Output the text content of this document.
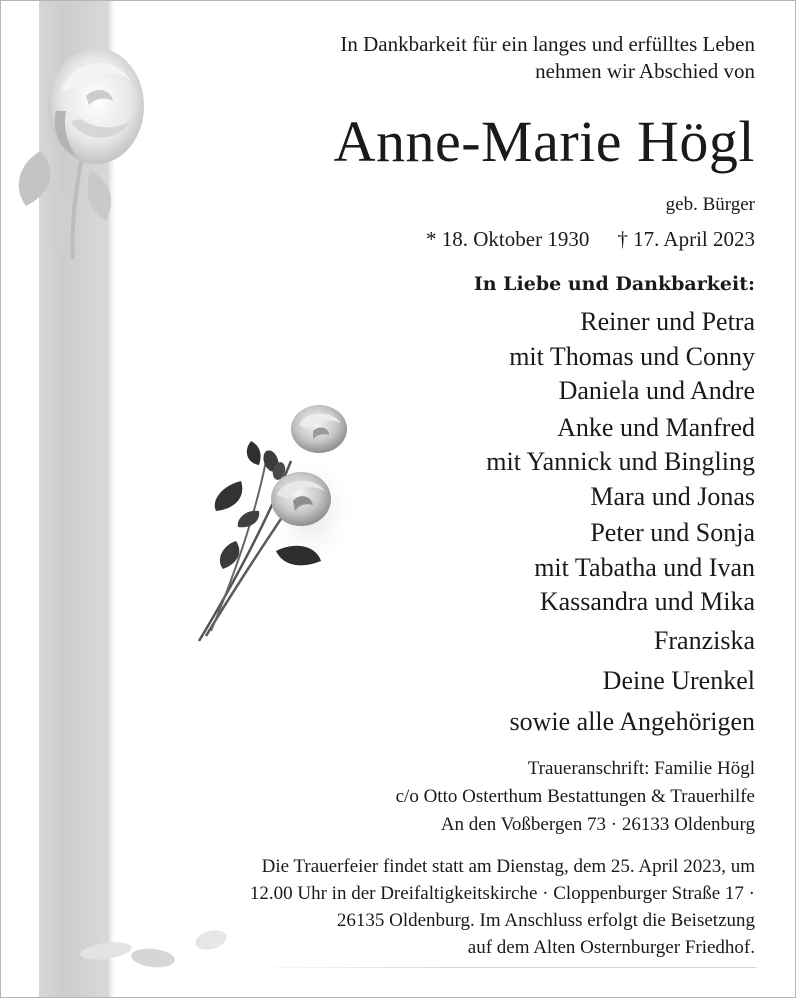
In Dankbarkeit für ein langes und erfülltes Leben
nehmen wir Abschied von
Anne-Marie Högl
geb. Bürger
* 18. Oktober 1930 † 17. April 2023
In Liebe und Dankbarkeit:
Reiner und Petra
mit Thomas und Conny
Daniela und Andre
Anke und Manfred
mit Yannick und Bingling
Mara und Jonas
Peter und Sonja
mit Tabatha und Ivan
Kassandra und Mika
Franziska
Deine Urenkel
sowie alle Angehörigen
Traueranschrift: Familie Högl
c/o Otto Osterthum Bestattungen & Trauerhilfe
An den Voßbergen 73 · 26133 Oldenburg
Die Trauerfeier findet statt am Dienstag, dem 25. April 2023, um
12.00 Uhr in der Dreifaltigkeitskirche · Cloppenburger Straße 17 ·
26135 Oldenburg. Im Anschluss erfolgt die Beisetzung
auf dem Alten Osternburger Friedhof.
